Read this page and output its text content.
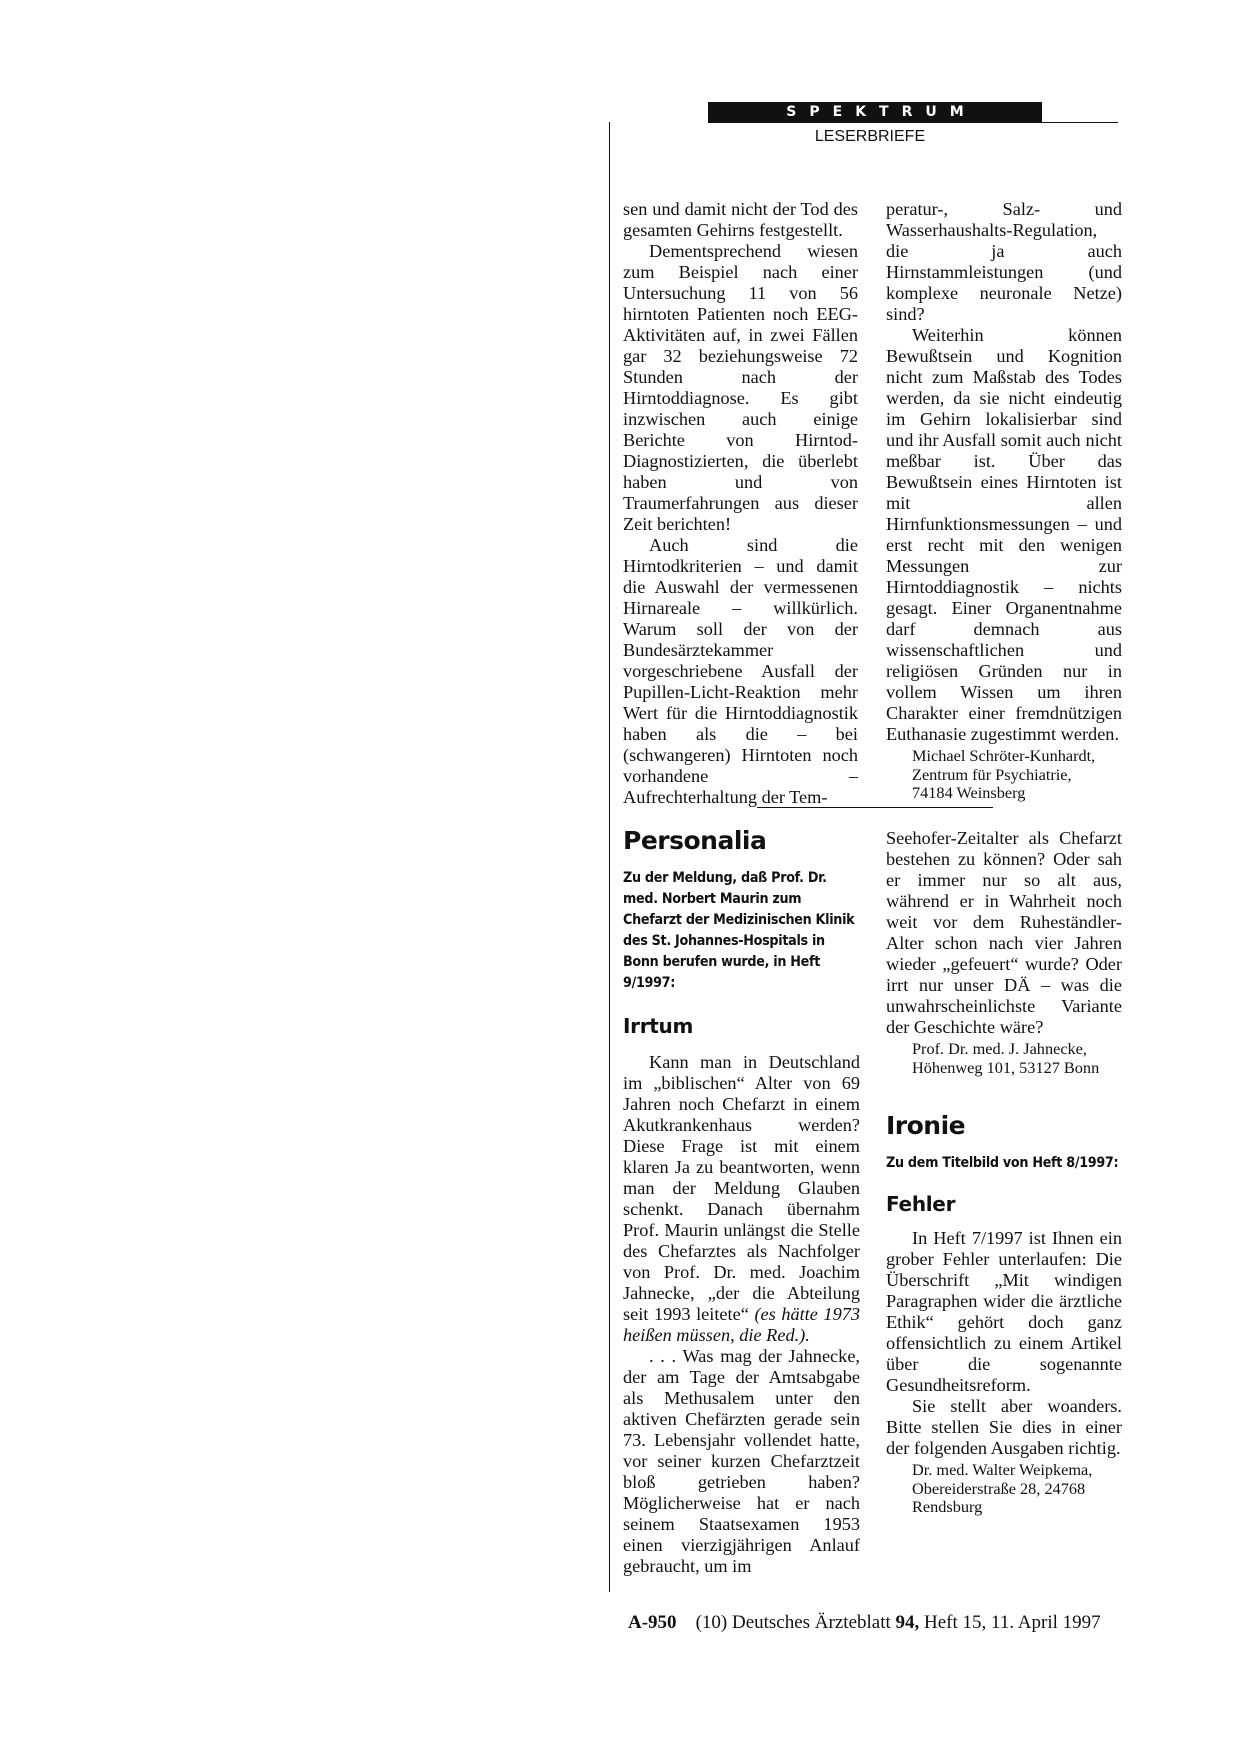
SPEKTRUM
LESERBRIEFE

sen und damit nicht der Tod des gesamten Gehirns festgestellt.

Dementsprechend wiesen zum Beispiel nach einer Untersuchung 11 von 56 hirntoten Patienten noch EEG-Aktivitäten auf, in zwei Fällen gar 32 beziehungsweise 72 Stunden nach der Hirntoddiagnose. Es gibt inzwischen auch einige Berichte von Hirntod-Diagnostizierten, die überlebt haben und von Traumerfahrungen aus dieser Zeit berichten!

Auch sind die Hirntodkriterien – und damit die Auswahl der vermessenen Hirnareale – willkürlich. Warum soll der von der Bundesärztekammer vorgeschriebene Ausfall der Pupillen-Licht-Reaktion mehr Wert für die Hirntoddiagnostik haben als die – bei (schwangeren) Hirntoten noch vorhandene – Aufrechterhaltung der Tem-

peratur-, Salz- und Wasserhaushalts-Regulation, die ja auch Hirnstammleistungen (und komplexe neuronale Netze) sind?

Weiterhin können Bewußtsein und Kognition nicht zum Maßstab des Todes werden, da sie nicht eindeutig im Gehirn lokalisierbar sind und ihr Ausfall somit auch nicht meßbar ist. Über das Bewußtsein eines Hirntoten ist mit allen Hirnfunktionsmessungen – und erst recht mit den wenigen Messungen zur Hirntoddiagnostik – nichts gesagt. Einer Organentnahme darf demnach aus wissenschaftlichen und religiösen Gründen nur in vollem Wissen um ihren Charakter einer fremdnützigen Euthanasie zugestimmt werden.

Michael Schröter-Kunhardt,
Zentrum für Psychiatrie,
74184 Weinsberg
Personalia
Zu der Meldung, daß Prof. Dr. med. Norbert Maurin zum Chefarzt der Medizinischen Klinik des St. Johannes-Hospitals in Bonn berufen wurde, in Heft 9/1997:
Irrtum

Kann man in Deutschland im „biblischen“ Alter von 69 Jahren noch Chefarzt in einem Akutkrankenhaus werden? Diese Frage ist mit einem klaren Ja zu beantworten, wenn man der Meldung Glauben schenkt. Danach übernahm Prof. Maurin unlängst die Stelle des Chefarztes als Nachfolger von Prof. Dr. med. Joachim Jahnecke, „der die Abteilung seit 1993 leitete“ (es hätte 1973 heißen müssen, die Red.).

. . . Was mag der Jahnecke, der am Tage der Amtsabgabe als Methusalem unter den aktiven Chefärzten gerade sein 73. Lebensjahr vollendet hatte, vor seiner kurzen Chefarztzeit bloß getrieben haben? Möglicherweise hat er nach seinem Staatsexamen 1953 einen vierzigjährigen Anlauf gebraucht, um im

Seehofer-Zeitalter als Chefarzt bestehen zu können? Oder sah er immer nur so alt aus, während er in Wahrheit noch weit vor dem Ruheständler-Alter schon nach vier Jahren wieder „gefeuert“ wurde? Oder irrt nur unser DÄ – was die unwahrscheinlichste Variante der Geschichte wäre?

Prof. Dr. med. J. Jahnecke,
Höhenweg 101, 53127 Bonn
Ironie
Zu dem Titelbild von Heft 8/1997:
Fehler

In Heft 7/1997 ist Ihnen ein grober Fehler unterlaufen: Die Überschrift „Mit windigen Paragraphen wider die ärztliche Ethik“ gehört doch ganz offensichtlich zu einem Artikel über die sogenannte Gesundheitsreform.

Sie stellt aber woanders. Bitte stellen Sie dies in einer der folgenden Ausgaben richtig.

Dr. med. Walter Weipkema,
Obereiderstraße 28, 24768
Rendsburg
A-950 (10) Deutsches Ärzteblatt 94, Heft 15, 11. April 1997
